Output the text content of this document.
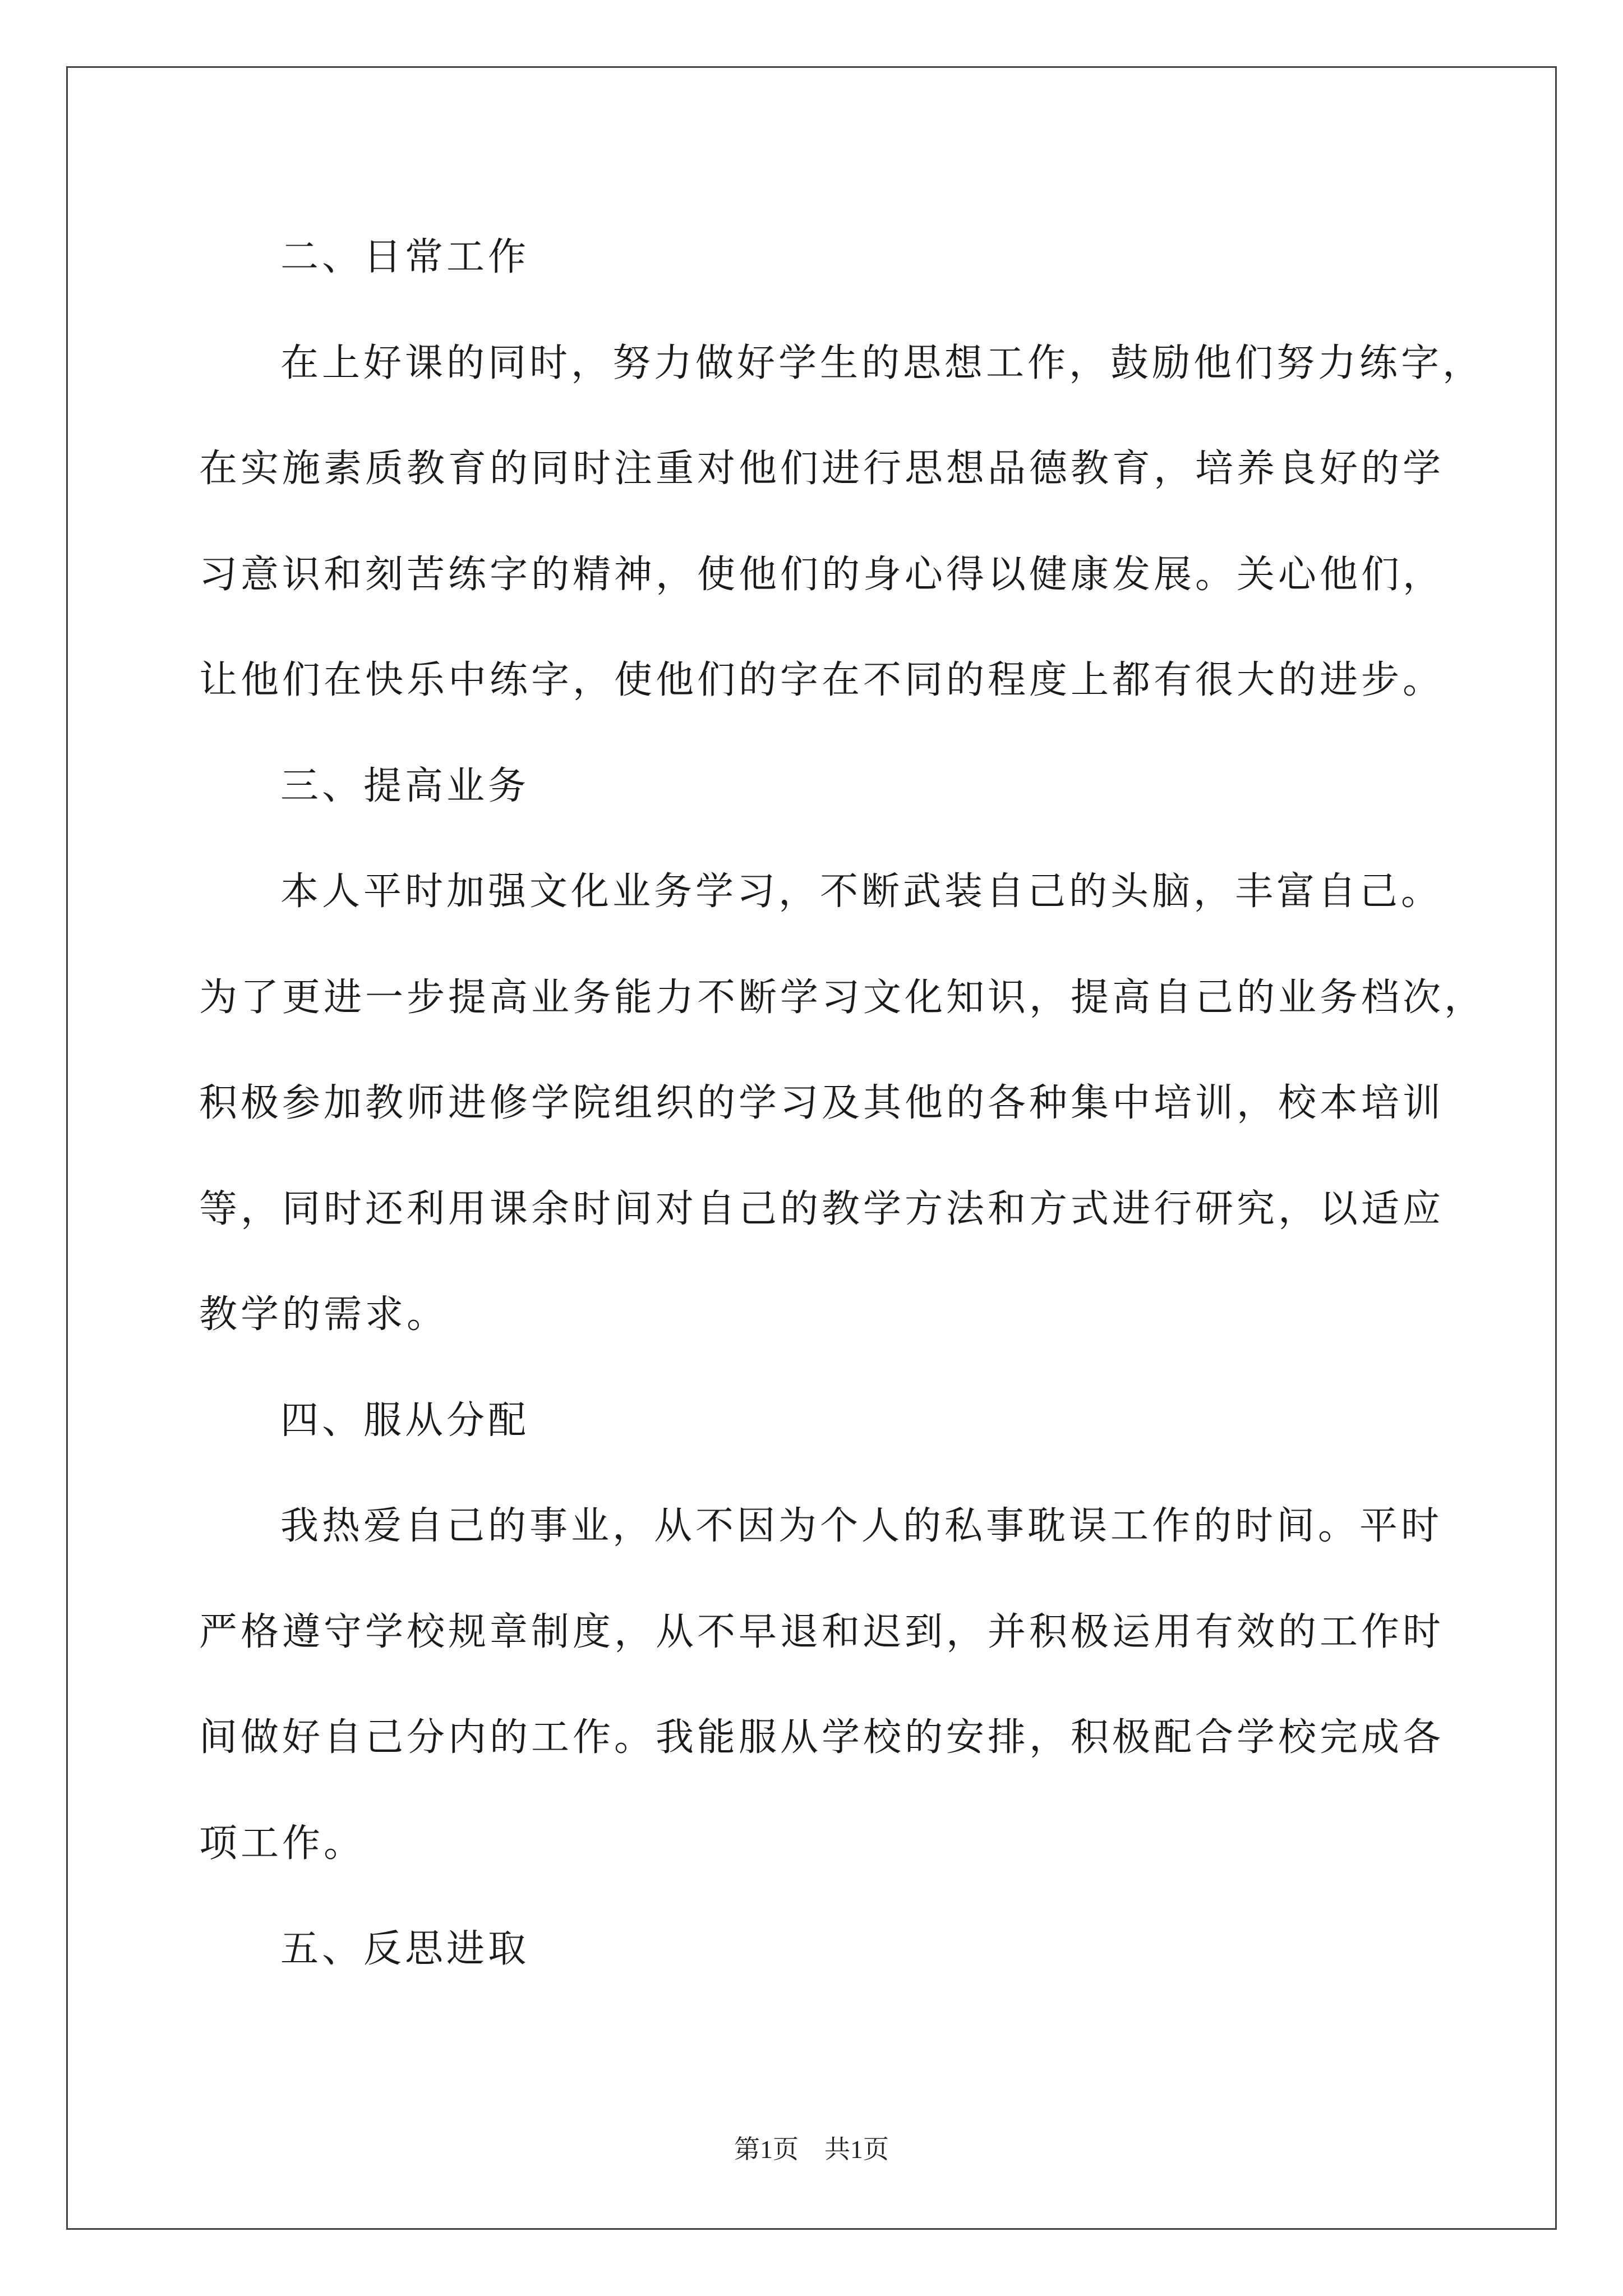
二、日常工作
在上好课的同时，努力做好学生的思想工作，鼓励他们努力练字，
在实施素质教育的同时注重对他们进行思想品德教育，培养良好的学
习意识和刻苦练字的精神，使他们的身心得以健康发展。关心他们，
让他们在快乐中练字，使他们的字在不同的程度上都有很大的进步。
三、提高业务
本人平时加强文化业务学习，不断武装自己的头脑，丰富自己。
为了更进一步提高业务能力不断学习文化知识，提高自己的业务档次，
积极参加教师进修学院组织的学习及其他的各种集中培训，校本培训
等，同时还利用课余时间对自己的教学方法和方式进行研究，以适应
教学的需求。
四、服从分配
我热爱自己的事业，从不因为个人的私事耽误工作的时间。平时
严格遵守学校规章制度，从不早退和迟到，并积极运用有效的工作时
间做好自己分内的工作。我能服从学校的安排，积极配合学校完成各
项工作。
五、反思进取
第1页　共1页
